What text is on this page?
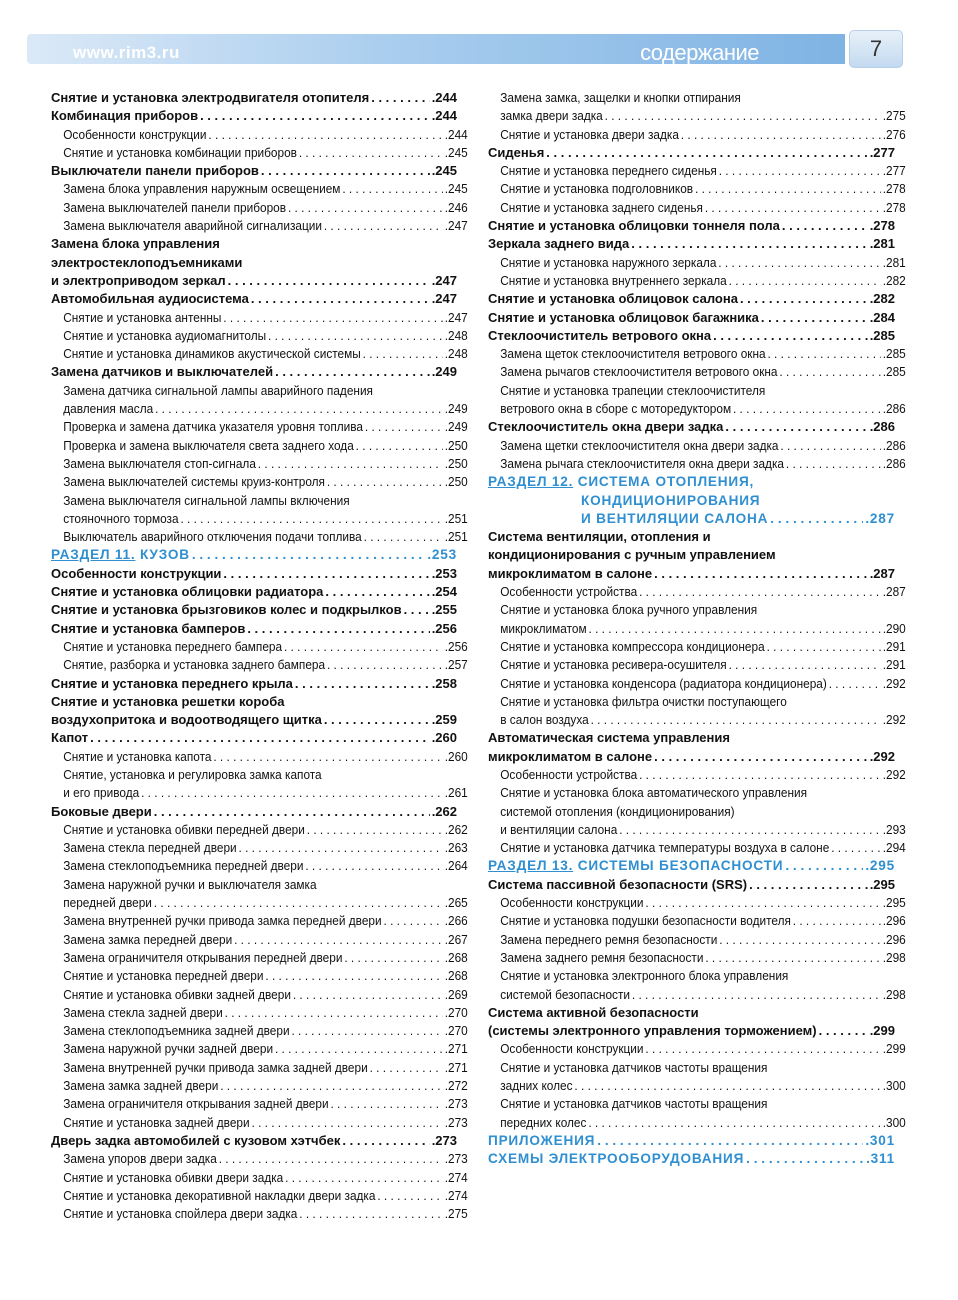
www.rim3.ru	содержание	7
Снятие и установка электродвигателя отопителя . . .	.244
Комбинация приборов . . .	.244
Особенности конструкции . . .	.244
Снятие и установка комбинации приборов . . .	.245
Выключатели панели приборов . . .	.245
Замена блока управления наружным освещением . . .	.245
Замена выключателей панели приборов . . .	.246
Замена выключателя аварийной сигнализации . . .	.247
Замена блока управления
электростеклоподъемниками
и электроприводом зеркал . . .	.247
Автомобильная аудиосистема . . .	.247
Снятие и установка антенны . . .	.247
Снятие и установка аудиомагнитолы . . .	.248
Снятие и установка динамиков акустической системы . . .	.248
Замена датчиков и выключателей . . .	.249
Замена датчика сигнальной лампы аварийного падения
давления масла . . .	.249
Проверка и замена датчика указателя уровня топлива . . .	.249
Проверка и замена выключателя света заднего хода . . .	.250
Замена выключателя стоп-сигнала . . .	.250
Замена выключателей системы круиз-контроля . . .	.250
Замена выключателя сигнальной лампы включения
стояночного тормоза . . .	.251
Выключатель аварийного отключения подачи топлива . . .	.251
РАЗДЕЛ 11. КУЗОВ . . .	.253
Особенности конструкции . . .	.253
Снятие и установка облицовки радиатора . . .	.254
Снятие и установка брызговиков колес и подкрылков . . . .255
Снятие и установка бамперов . . .	.256
Снятие и установка переднего бампера . . .	.256
Снятие, разборка и установка заднего бампера . . .	.257
Снятие и установка переднего крыла . . .	.258
Снятие и установка решетки короба
воздухопритока и водоотводящего щитка . . .	.259
Капот . . .	.260
Снятие и установка капота . . .	.260
Снятие, установка и регулировка замка капота
и его привода . . .	.261
Боковые двери . . .	.262
Снятие и установка обивки передней двери . . .	.262
Замена стекла передней двери . . .	.263
Замена стеклоподъемника передней двери . . .	.264
Замена наружной ручки и выключателя замка
передней двери . . .	.265
Замена внутренней ручки привода замка передней двери . . .	.266
Замена замка передней двери . . .	.267
Замена ограничителя открывания передней двери . . .	.268
Снятие и установка передней двери . . .	.268
Снятие и установка обивки задней двери . . .	.269
Замена стекла задней двери . . .	.270
Замена стеклоподъемника задней двери . . .	.270
Замена наружной ручки задней двери . . .	.271
Замена внутренней ручки привода замка задней двери . . .	.271
Замена замка задней двери . . .	.272
Замена ограничителя открывания задней двери . . .	.273
Снятие и установка задней двери . . .	.273
Дверь задка автомобилей с кузовом хэтчбек . . .	.273
Замена упоров двери задка . . .	.273
Снятие и установка обивки двери задка . . .	.274
Снятие и установка декоративной накладки двери задка . . .	.274
Снятие и установка спойлера двери задка . . .	.275
Замена замка, защелки и кнопки отпирания
замка двери задка . . .	.275
Снятие и установка двери задка . . .	.276
Сиденья . . .	.277
Снятие и установка переднего сиденья . . .	.277
Снятие и установка подголовников . . .	.278
Снятие и установка заднего сиденья . . .	.278
Снятие и установка облицовки тоннеля пола . . .	.278
Зеркала заднего вида . . .	.281
Снятие и установка наружного зеркала . . .	.281
Снятие и установка внутреннего зеркала . . .	.282
Снятие и установка облицовок салона . . .	.282
Снятие и установка облицовок багажника . . .	.284
Стеклоочиститель ветрового окна . . .	.285
Замена щеток стеклоочистителя ветрового окна . . .	.285
Замена рычагов стеклоочистителя ветрового окна . . .	.285
Снятие и установка трапеции стеклоочистителя
ветрового окна в сборе с моторедуктором . . .	.286
Стеклоочиститель окна двери задка . . .	.286
Замена щетки стеклоочистителя окна двери задка . . .	.286
Замена рычага стеклоочистителя окна двери задка . . .	.286
РАЗДЕЛ 12. СИСТЕМА ОТОПЛЕНИЯ,
КОНДИЦИОНИРОВАНИЯ
И ВЕНТИЛЯЦИИ САЛОНА . . .	.287
Система вентиляции, отопления и
кондиционирования с ручным управлением
микроклиматом в салоне . . .	.287
Особенности устройства . . .	.287
Снятие и установка блока ручного управления
микроклиматом . . .	.290
Снятие и установка компрессора кондиционера . . .	.291
Снятие и установка ресивера-осушителя . . .	.291
Снятие и установка конденсора (радиатора кондиционера) . . .	.292
Снятие и установка фильтра очистки поступающего
в салон воздуха . . .	.292
Автоматическая система управления
микроклиматом в салоне . . .	.292
Особенности устройства . . .	.292
Снятие и установка блока автоматического управления
системой отопления (кондиционирования)
и вентиляции салона . . .	.293
Снятие и установка датчика температуры воздуха в салоне . . .	.294
РАЗДЕЛ 13. СИСТЕМЫ БЕЗОПАСНОСТИ . . .	.295
Система пассивной безопасности (SRS) . . .	.295
Особенности конструкции . . .	.295
Снятие и установка подушки безопасности водителя . . .	.296
Замена переднего ремня безопасности . . .	.296
Замена заднего ремня безопасности . . .	.298
Снятие и установка электронного блока управления
системой безопасности . . .	.298
Система активной безопасности
(системы электронного управления торможением) . . .	.299
Особенности конструкции . . .	.299
Снятие и установка датчиков частоты вращения
задних колес . . .	.300
Снятие и установка датчиков частоты вращения
передних колес . . .	.300
ПРИЛОЖЕНИЯ . . .	.301
СХЕМЫ ЭЛЕКТРООБОРУДОВАНИЯ . . .	.311
